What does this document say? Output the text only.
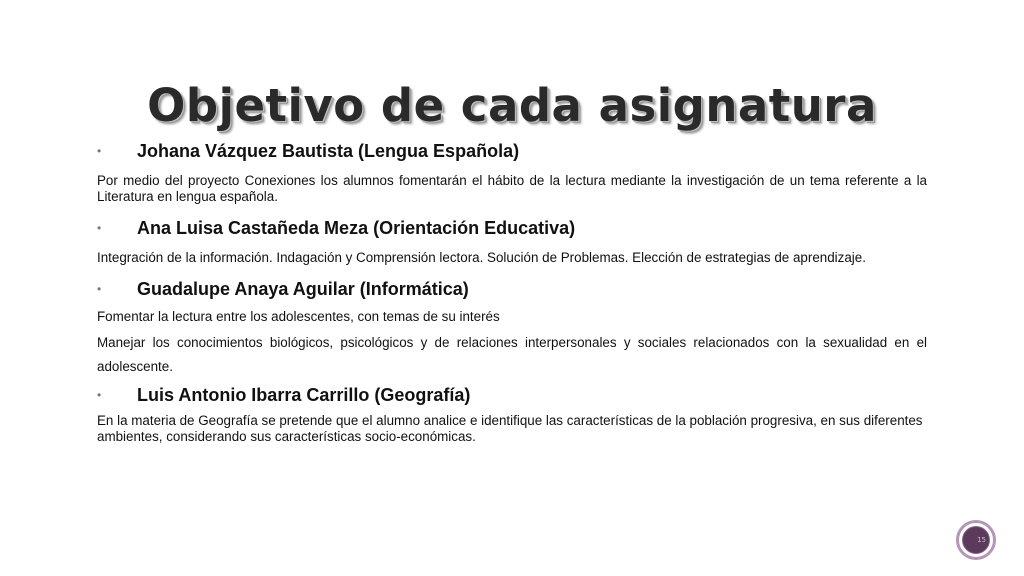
Objetivo de cada asignatura
• Johana Vázquez Bautista (Lengua Española)
Por medio del proyecto Conexiones los alumnos fomentarán el hábito de la lectura mediante la investigación de un tema referente a la Literatura en lengua española.
• Ana Luisa Castañeda Meza (Orientación Educativa)
Integración de la información. Indagación y Comprensión lectora. Solución de Problemas. Elección de estrategias de aprendizaje.
• Guadalupe Anaya Aguilar (Informática)
Fomentar la lectura entre los adolescentes, con temas de su interés
Manejar los conocimientos biológicos, psicológicos y de relaciones interpersonales y sociales relacionados con la sexualidad en el adolescente.
• Luis Antonio Ibarra Carrillo (Geografía)
En la materia de Geografía se pretende que el alumno analice e identifique las características de la población progresiva, en sus diferentes ambientes, considerando sus características socio-económicas.
15
